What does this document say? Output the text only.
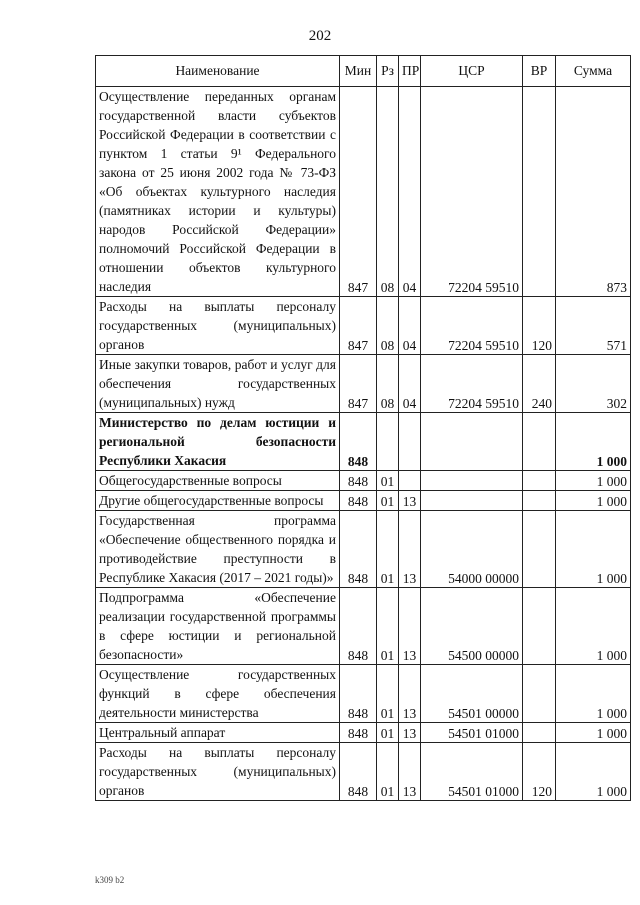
202
Наименование	Мин	Рз	ПР	ЦСР	ВР	Сумма
Осуществление переданных органам государственной власти субъектов Российской Федерации в соответствии с пунктом 1 статьи 9¹ Федерального закона от 25 июня 2002 года № 73-ФЗ «Об объектах культурного наследия (памятниках истории и культуры) народов Российской Федерации» полномочий Российской Федерации в отношении объектов культурного наследия	847	08	04	72204 59510		873
Расходы на выплаты персоналу государственных (муниципальных) органов	847	08	04	72204 59510	120	571
Иные закупки товаров, работ и услуг для обеспечения государственных (муниципальных) нужд	847	08	04	72204 59510	240	302
Министерство по делам юстиции и региональной безопасности Республики Хакасия	848					1 000
Общегосударственные вопросы	848	01				1 000
Другие общегосударственные вопросы	848	01	13			1 000
Государственная программа «Обеспечение общественного порядка и противодействие преступности в Республике Хакасия (2017 – 2021 годы)»	848	01	13	54000 00000		1 000
Подпрограмма «Обеспечение реализации государственной программы в сфере юстиции и региональной безопасности»	848	01	13	54500 00000		1 000
Осуществление государственных функций в сфере обеспечения деятельности министерства	848	01	13	54501 00000		1 000
Центральный аппарат	848	01	13	54501 01000		1 000
Расходы на выплаты персоналу государственных (муниципальных) органов	848	01	13	54501 01000	120	1 000
k309 b2
